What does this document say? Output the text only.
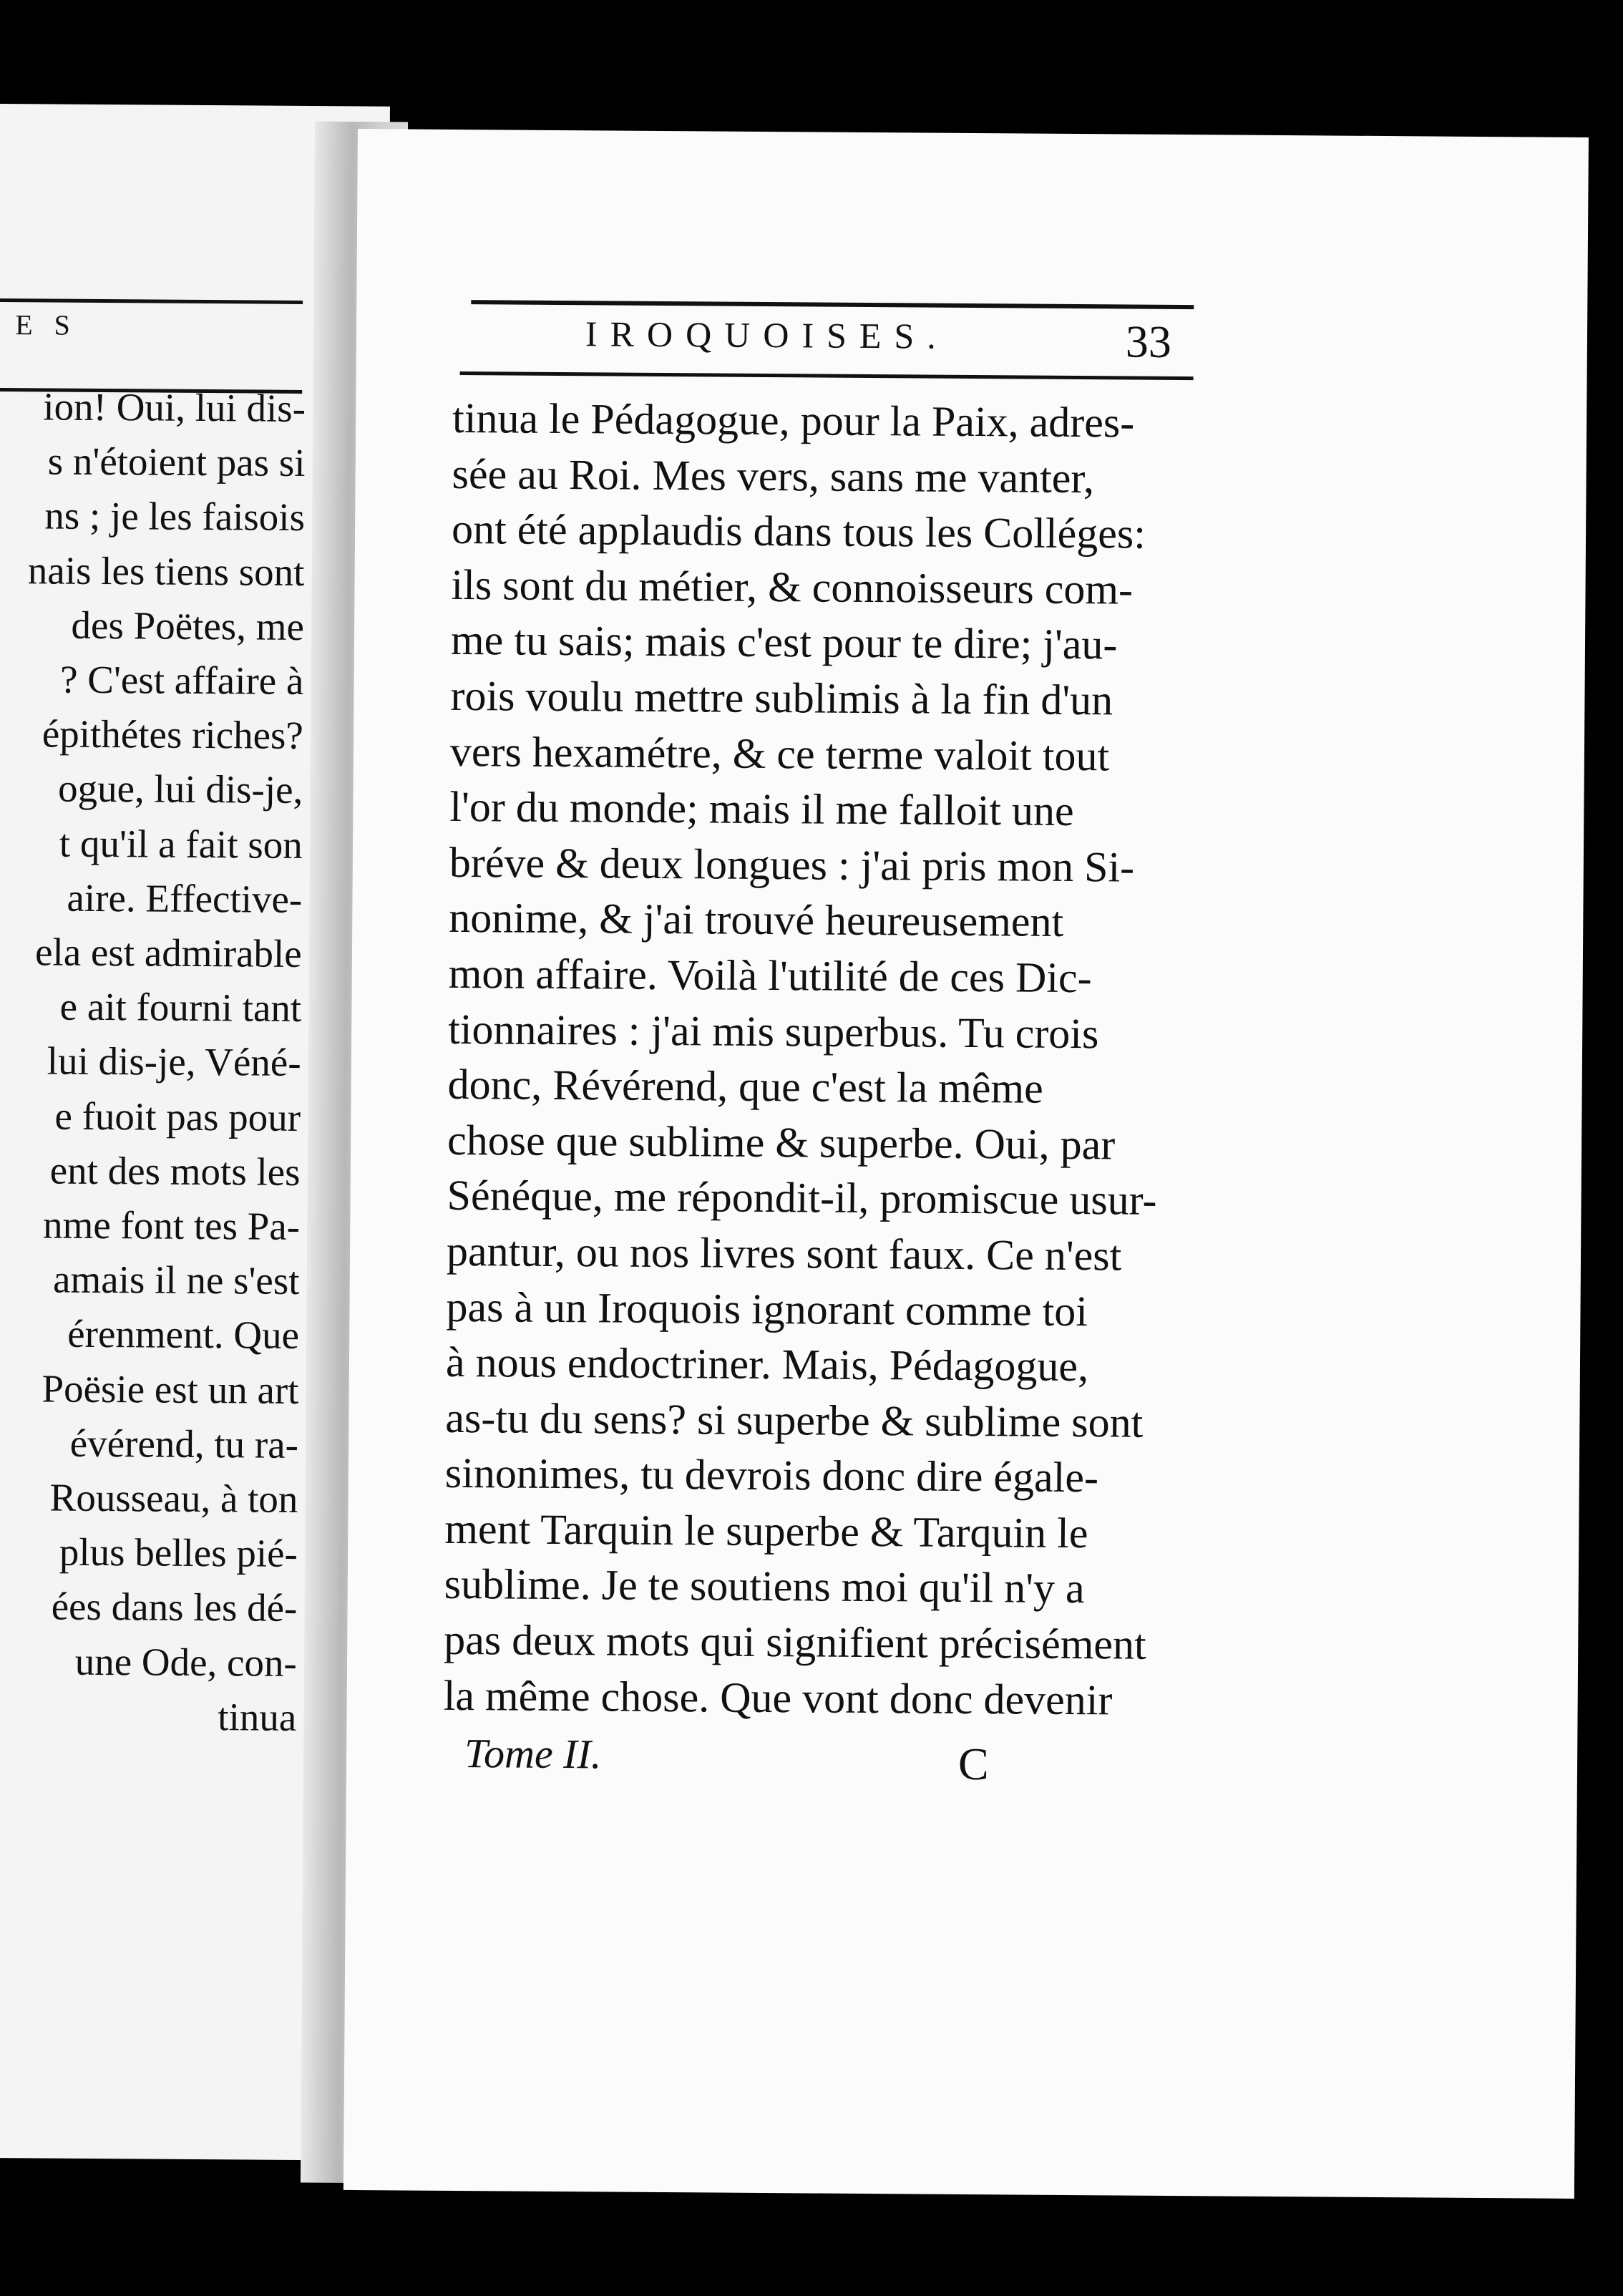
ES
ion! Oui, lui dis-
s n'étoient pas si
ns ; je les faisois
nais les tiens sont
des Poëtes, me
? C'est affaire à
épithétes riches?
ogue, lui dis-je,
t qu'il a fait son
aire. Effective-
ela est admirable
e ait fourni tant
lui dis-je, Véné-
e fuoit pas pour
ent des mots les
nme font tes Pa-
amais il ne s'est
érenment. Que
Poësie est un art
évérend, tu ra-
Rousseau, à ton
plus belles pié-
ées dans les dé-
une Ode, con-
tinua
IROQUOISES.	33
tinua le Pédagogue, pour la Paix, adres-
sée au Roi. Mes vers, sans me vanter,
ont été applaudis dans tous les Colléges:
ils sont du métier, & connoisseurs com-
me tu sais; mais c'est pour te dire; j'au-
rois voulu mettre sublimis à la fin d'un
vers hexamétre, & ce terme valoit tout
l'or du monde; mais il me falloit une
bréve & deux longues : j'ai pris mon Si-
nonime, & j'ai trouvé heureusement
mon affaire. Voilà l'utilité de ces Dic-
tionnaires : j'ai mis superbus. Tu crois
donc, Révérend, que c'est la même
chose que sublime & superbe. Oui, par
Sénéque, me répondit-il, promiscue usur-
pantur, ou nos livres sont faux. Ce n'est
pas à un Iroquois ignorant comme toi
à nous endoctriner. Mais, Pédagogue,
as-tu du sens? si superbe & sublime sont
sinonimes, tu devrois donc dire égale-
ment Tarquin le superbe & Tarquin le
sublime. Je te soutiens moi qu'il n'y a
pas deux mots qui signifient précisément
la même chose. Que vont donc devenir
Tome II.	C
